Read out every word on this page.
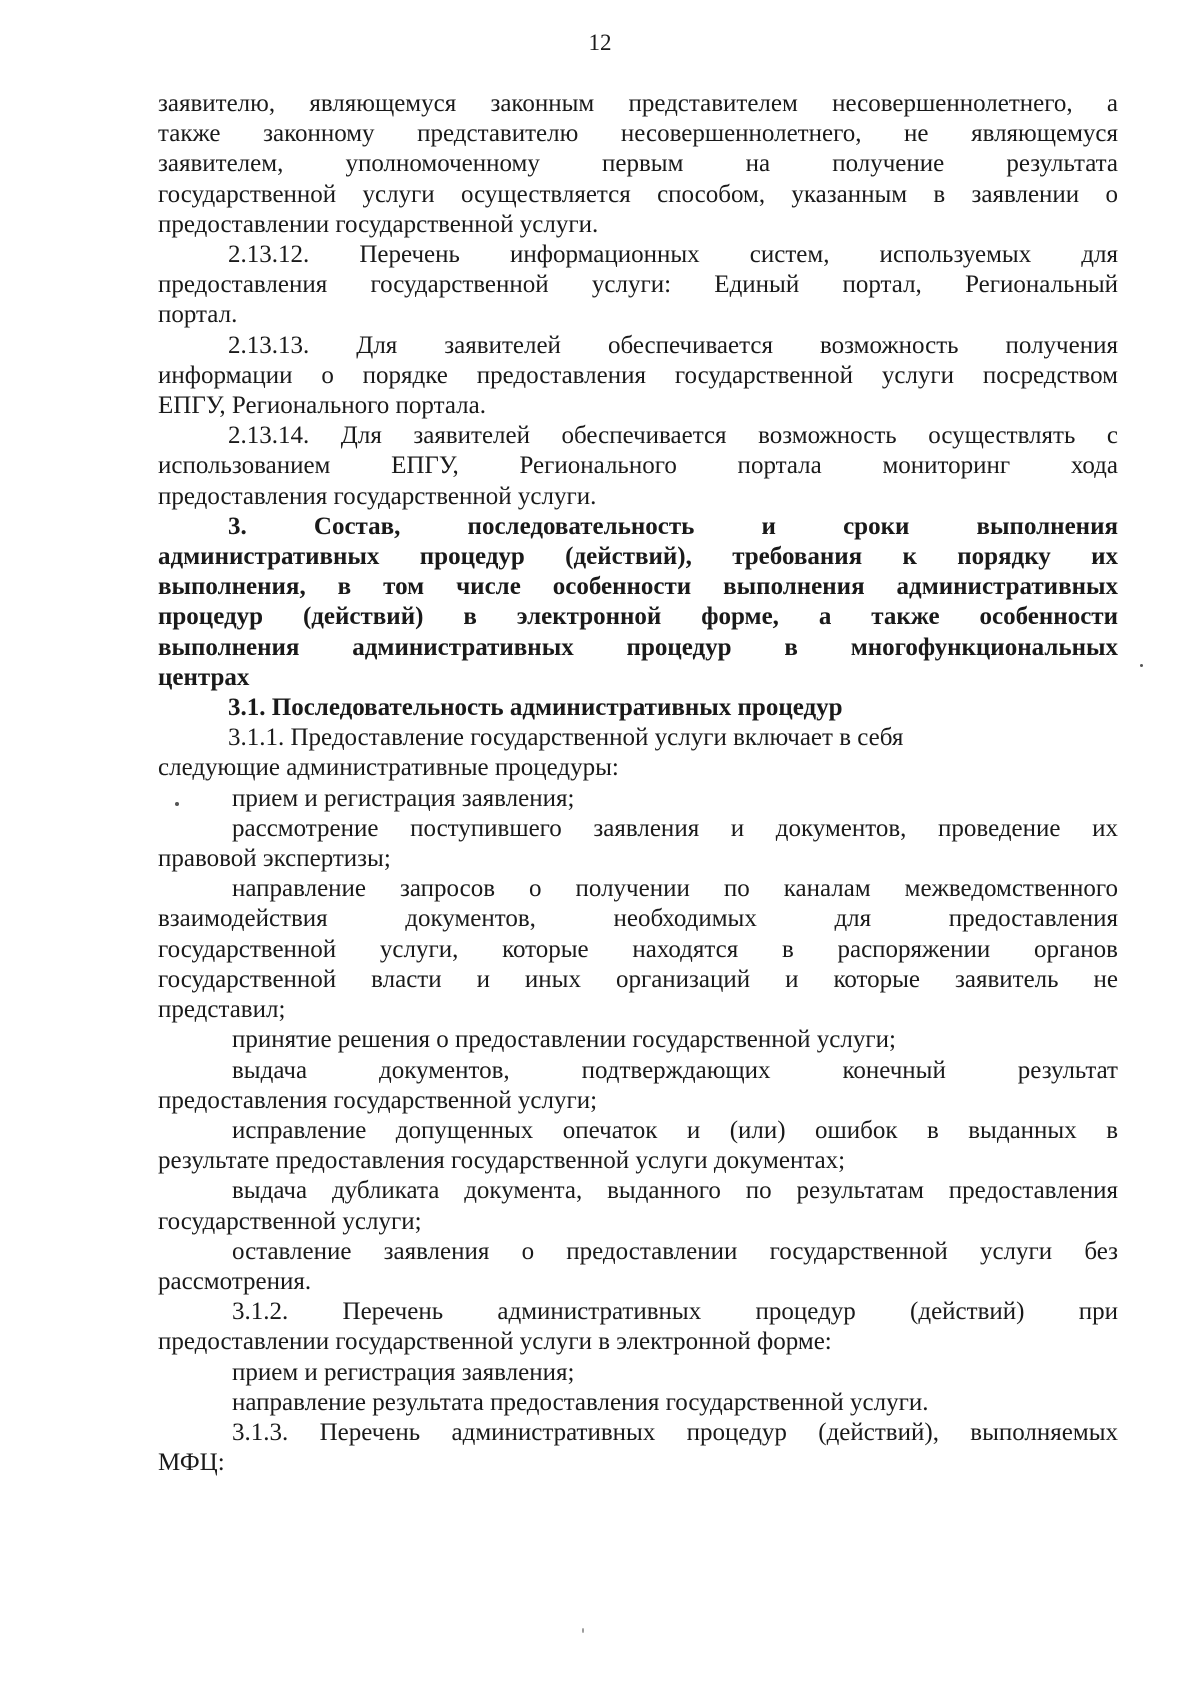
12

заявителю, являющемуся законным представителем несовершеннолетнего, а

также законному представителю несовершеннолетнего, не являющемуся

заявителем, уполномоченному первым на получение результата

государственной услуги осуществляется способом, указанным в заявлении о

предоставлении государственной услуги.

2.13.12. Перечень информационных систем, используемых для

предоставления государственной услуги: Единый портал, Региональный

портал.

2.13.13. Для заявителей обеспечивается возможность получения

информации о порядке предоставления государственной услуги посредством

ЕПГУ, Регионального портала.

2.13.14. Для заявителей обеспечивается возможность осуществлять с

использованием ЕПГУ, Регионального портала мониторинг хода

предоставления государственной услуги.

3. Состав, последовательность и сроки выполнения

административных процедур (действий), требования к порядку их

выполнения, в том числе особенности выполнения административных

процедур (действий) в электронной форме, а также особенности

выполнения административных процедур в многофункциональных

центрах

3.1. Последовательность административных процедур

3.1.1. Предоставление государственной услуги включает в себя

следующие административные процедуры:

прием и регистрация заявления;

рассмотрение поступившего заявления и документов, проведение их

правовой экспертизы;

направление запросов о получении по каналам межведомственного

взаимодействия документов, необходимых для предоставления

государственной услуги, которые находятся в распоряжении органов

государственной власти и иных организаций и которые заявитель не

представил;

принятие решения о предоставлении государственной услуги;

выдача документов, подтверждающих конечный результат

предоставления государственной услуги;

исправление допущенных опечаток и (или) ошибок в выданных в

результате предоставления государственной услуги документах;

выдача дубликата документа, выданного по результатам предоставления

государственной услуги;

оставление заявления о предоставлении государственной услуги без

рассмотрения.

3.1.2. Перечень административных процедур (действий) при

предоставлении государственной услуги в электронной форме:

прием и регистрация заявления;

направление результата предоставления государственной услуги.

3.1.3. Перечень административных процедур (действий), выполняемых

МФЦ:
